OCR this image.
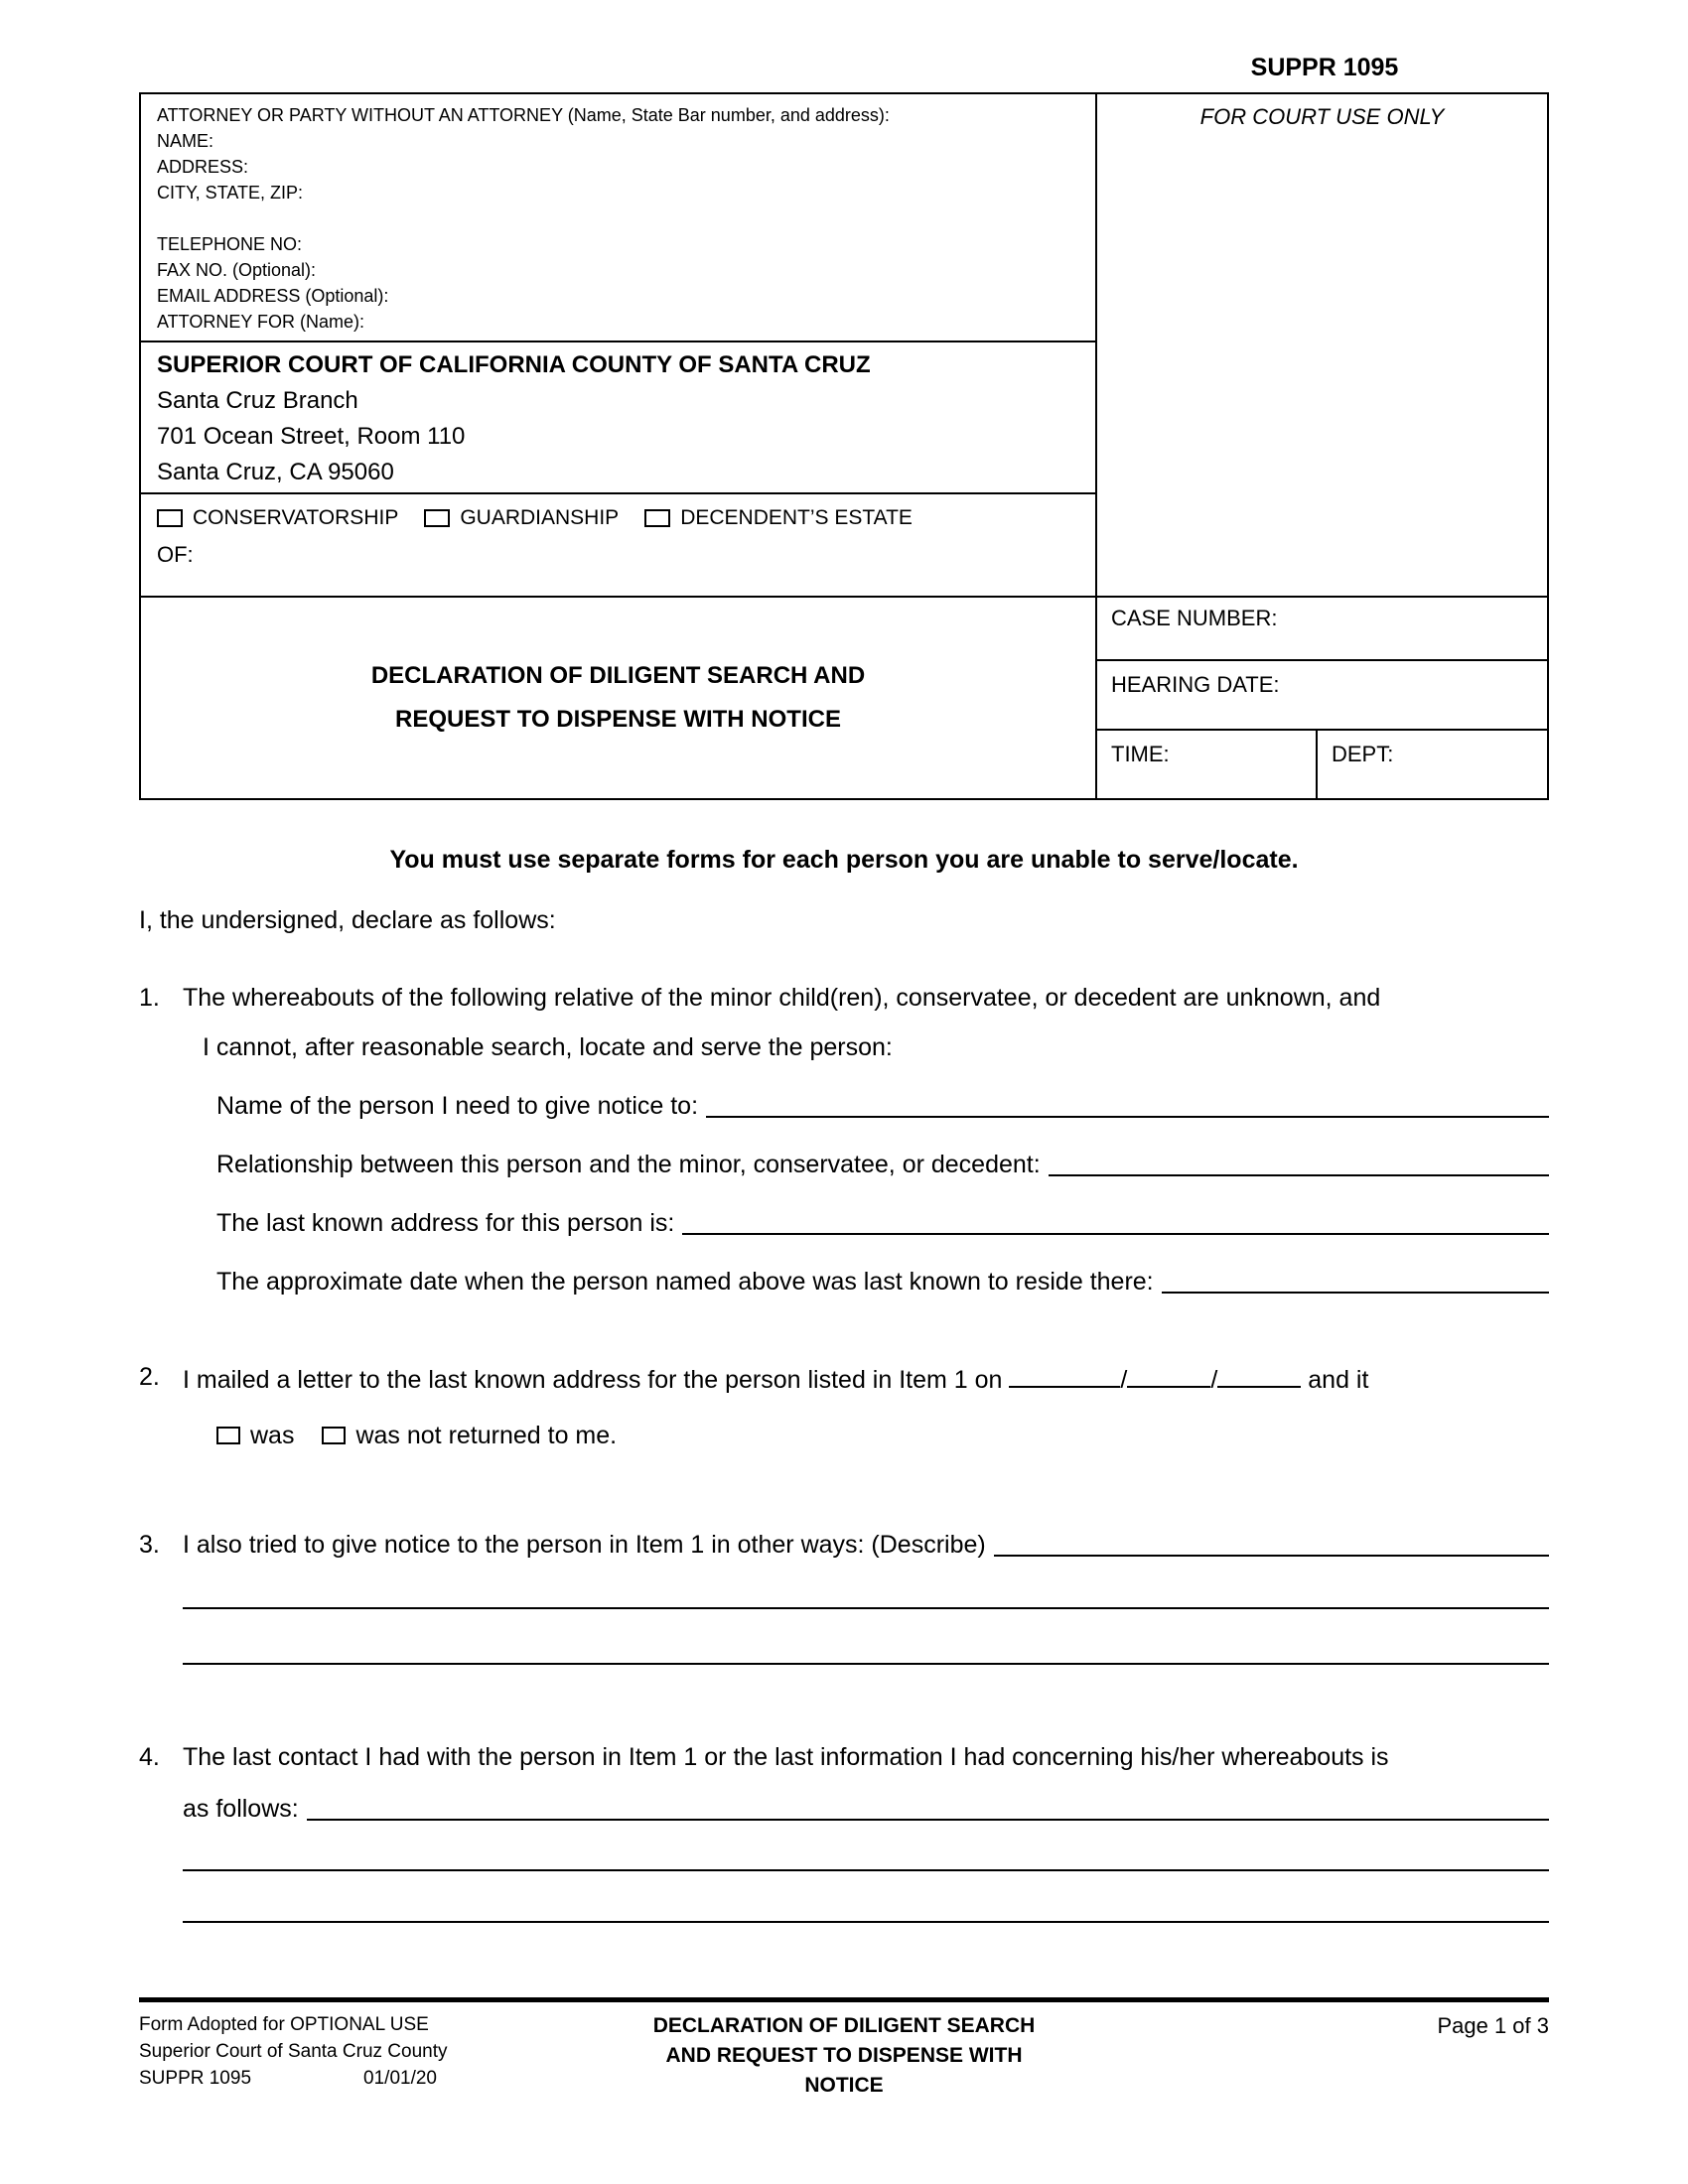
SUPPR 1095
ATTORNEY OR PARTY WITHOUT AN ATTORNEY (Name, State Bar number, and address):
NAME:
ADDRESS:
CITY, STATE, ZIP:
TELEPHONE NO:
FAX NO. (Optional):
EMAIL ADDRESS (Optional):
ATTORNEY FOR (Name):
SUPERIOR COURT OF CALIFORNIA COUNTY OF SANTA CRUZ
Santa Cruz Branch
701 Ocean Street, Room 110
Santa Cruz, CA 95060
CONSERVATORSHIP	GUARDIANSHIP	DECENDENT’S ESTATE
OF:
DECLARATION OF DILIGENT SEARCH AND
REQUEST TO DISPENSE WITH NOTICE
FOR COURT USE ONLY
CASE NUMBER:
HEARING DATE:
TIME:	DEPT:
You must use separate forms for each person you are unable to serve/locate.
I, the undersigned, declare as follows:
1. The whereabouts of the following relative of the minor child(ren), conservatee, or decedent are unknown, and
I cannot, after reasonable search, locate and serve the person:
Name of the person I need to give notice to:
Relationship between this person and the minor, conservatee, or decedent:
The last known address for this person is:
The approximate date when the person named above was last known to reside there:
2. I mailed a letter to the last known address for the person listed in Item 1 on	/	/	and it
was was not returned to me.
3. I also tried to give notice to the person in Item 1 in other ways: (Describe)
4. The last contact I had with the person in Item 1 or the last information I had concerning his/her whereabouts is
as follows:
Form Adopted for OPTIONAL USE
Superior Court of Santa Cruz County
SUPPR 1095	01/01/20
DECLARATION OF DILIGENT SEARCH
AND REQUEST TO DISPENSE WITH
NOTICE
Page 1 of 3
